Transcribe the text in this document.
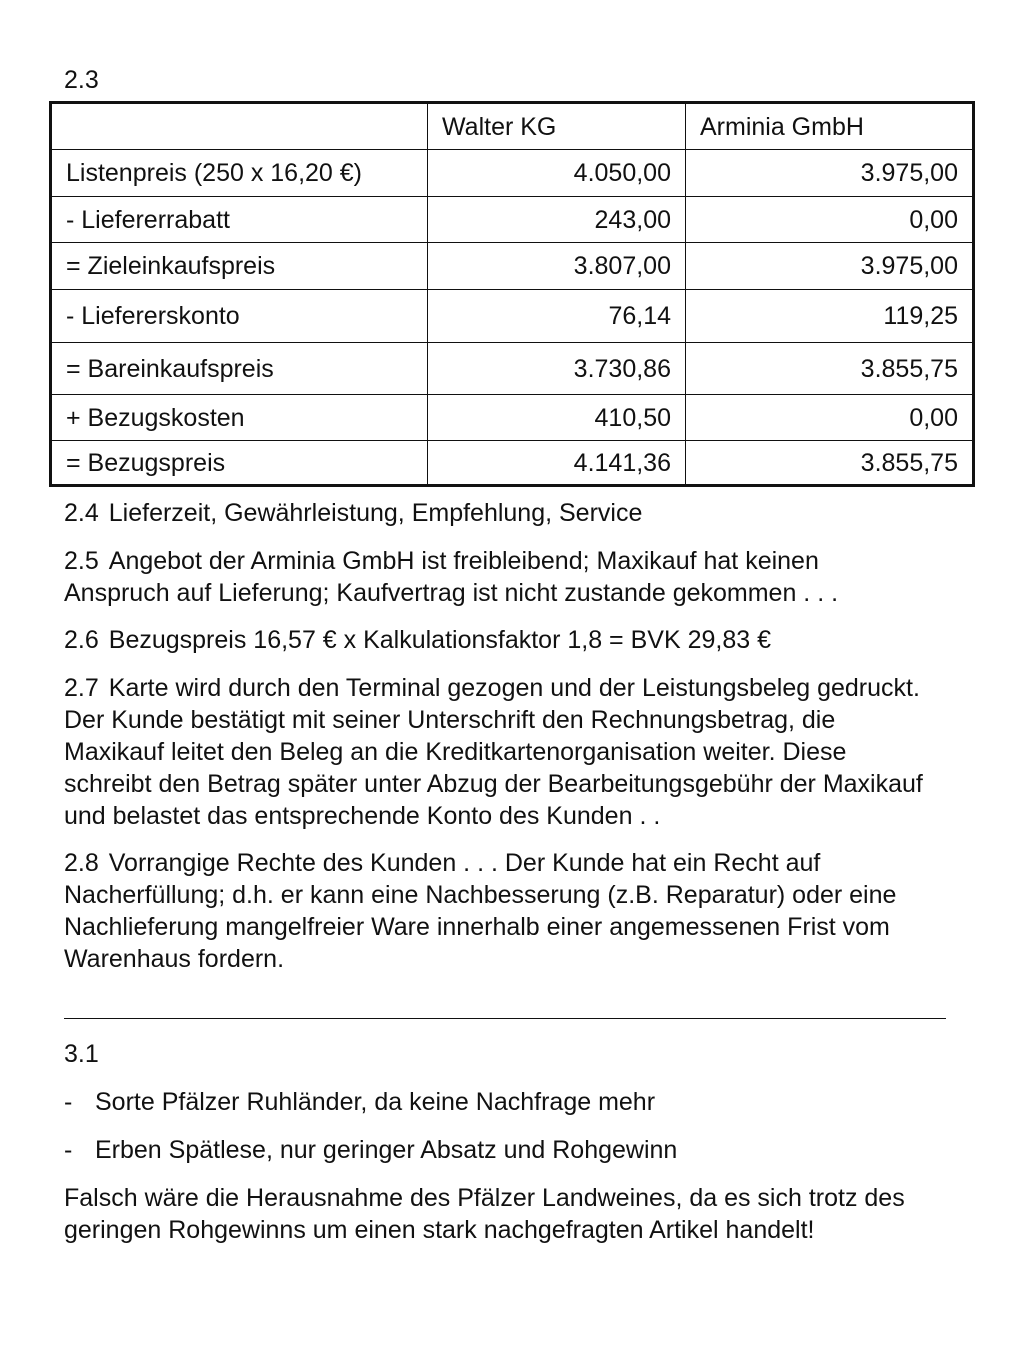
2.3
	Walter KG	Arminia GmbH
Listenpreis (250 x 16,20 €)	4.050,00	3.975,00
- Liefererrabatt	243,00	0,00
= Zieleinkaufspreis	3.807,00	3.975,00
- Liefererskonto	76,14	119,25
= Bareinkaufspreis	3.730,86	3.855,75
+ Bezugskosten	410,50	0,00
= Bezugspreis	4.141,36	3.855,75
2.4 Lieferzeit, Gewährleistung, Empfehlung, Service
2.5 Angebot der Arminia GmbH ist freibleibend; Maxikauf hat keinen
Anspruch auf Lieferung; Kaufvertrag ist nicht zustande gekommen . . .
2.6 Bezugspreis 16,57 € x Kalkulationsfaktor 1,8 = BVK 29,83 €
2.7 Karte wird durch den Terminal gezogen und der Leistungsbeleg gedruckt.
Der Kunde bestätigt mit seiner Unterschrift den Rechnungsbetrag, die
Maxikauf leitet den Beleg an die Kreditkartenorganisation weiter. Diese
schreibt den Betrag später unter Abzug der Bearbeitungsgebühr der Maxikauf
und belastet das entsprechende Konto des Kunden . .
2.8 Vorrangige Rechte des Kunden . . . Der Kunde hat ein Recht auf
Nacherfüllung; d.h. er kann eine Nachbesserung (z.B. Reparatur) oder eine
Nachlieferung mangelfreier Ware innerhalb einer angemessenen Frist vom
Warenhaus fordern.
3.1
- Sorte Pfälzer Ruhländer, da keine Nachfrage mehr
- Erben Spätlese, nur geringer Absatz und Rohgewinn
Falsch wäre die Herausnahme des Pfälzer Landweines, da es sich trotz des
geringen Rohgewinns um einen stark nachgefragten Artikel handelt!
